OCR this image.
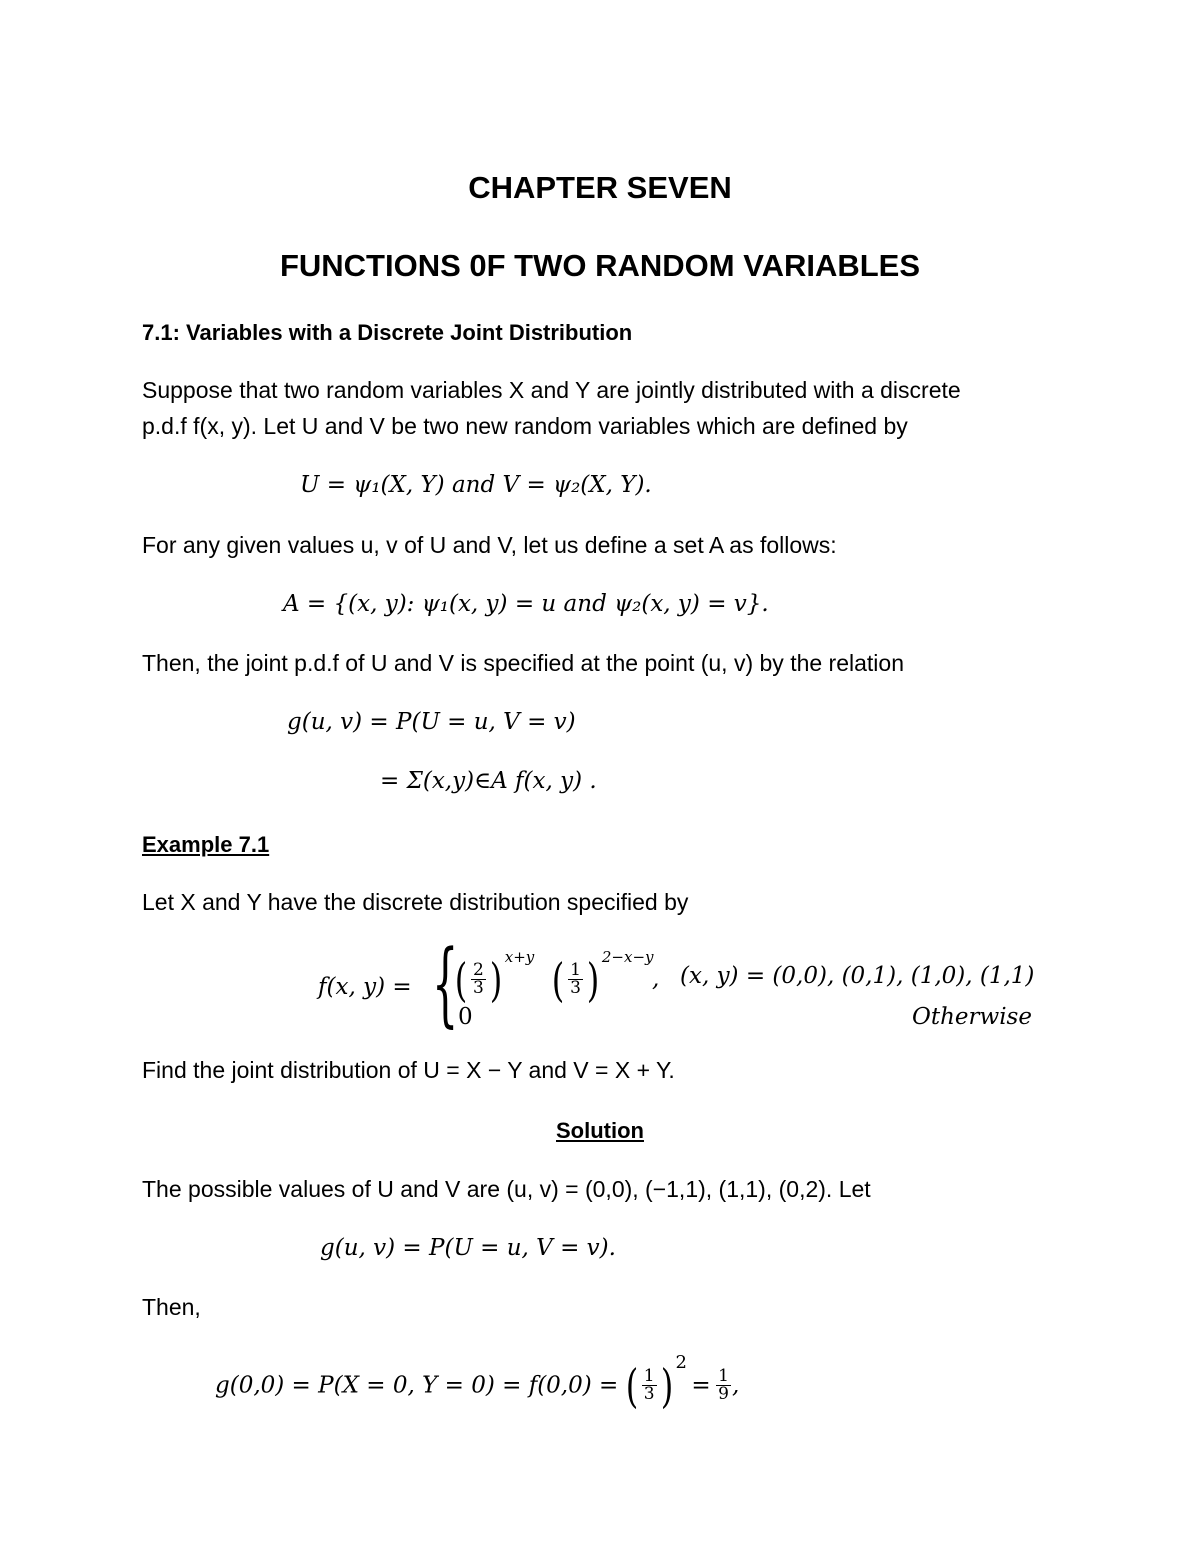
CHAPTER SEVEN
FUNCTIONS 0F TWO RANDOM VARIABLES
7.1: Variables with a Discrete Joint Distribution
Suppose that two random variables X and Y are jointly distributed with a discrete
p.d.f f(x, y). Let U and V be two new random variables which are defined by
U = ψ₁(X, Y) and V = ψ₂(X, Y).
For any given values u, v of U and V, let us define a set A as follows:
A = {(x, y): ψ₁(x, y) = u and ψ₂(x, y) = v}.
Then, the joint p.d.f of U and V is specified at the point (u, v) by the relation
g(u, v) = P(U = u, V = v)
= Σ(x,y)∈A f(x, y) .
Example 7.1
Let X and Y have the discrete distribution specified by
f(x, y) = {
( $\frac{2}{3}$ ) $^{x+y}$ ( $\frac{1}{3}$ ) $^{2-x-y}$
, (x, y) = (0,0), (0,1), (1,0), (1,1)
0	Otherwise
Find the joint distribution of U = X − Y and V = X + Y.
Solution
The possible values of U and V are (u, v) = (0,0), (−1,1), (1,1), (0,2). Let
g(u, v) = P(U = u, V = v).
Then,
g(0,0) = P(X = 0, Y = 0) = f(0,0) = ( $\frac{1}{3}$ ) $^2 = \frac{1}{9}$ ,
